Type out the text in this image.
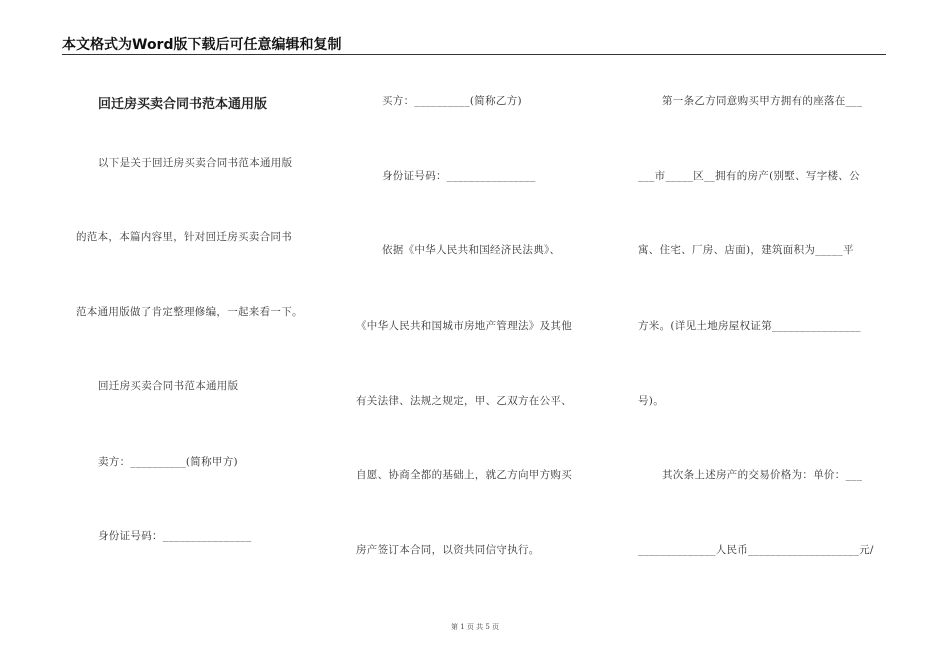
本文格式为Word版下载后可任意编辑和复制
回迁房买卖合同书范本通用版
以下是关于回迁房买卖合同书范本通用版
的范本，本篇内容里，针对回迁房买卖合同书
范本通用版做了肯定整理修编，一起来看一下。
回迁房买卖合同书范本通用版
卖方：__________(简称甲方)
身份证号码：________________
买方：__________(简称乙方)
身份证号码：________________
依据《中华人民共和国经济民法典》、
《中华人民共和国城市房地产管理法》及其他
有关法律、法规之规定，甲、乙双方在公平、
自愿、协商全都的基础上，就乙方向甲方购买
房产签订本合同，以资共同信守执行。
第一条乙方同意购买甲方拥有的座落在___
___市_____区__拥有的房产(别墅、写字楼、公
寓、住宅、厂房、店面)，建筑面积为_____平
方米。(详见土地房屋权证第________________
号)。
其次条上述房产的交易价格为：单价：___
______________人民币____________________元/
第 1 页 共 5 页
